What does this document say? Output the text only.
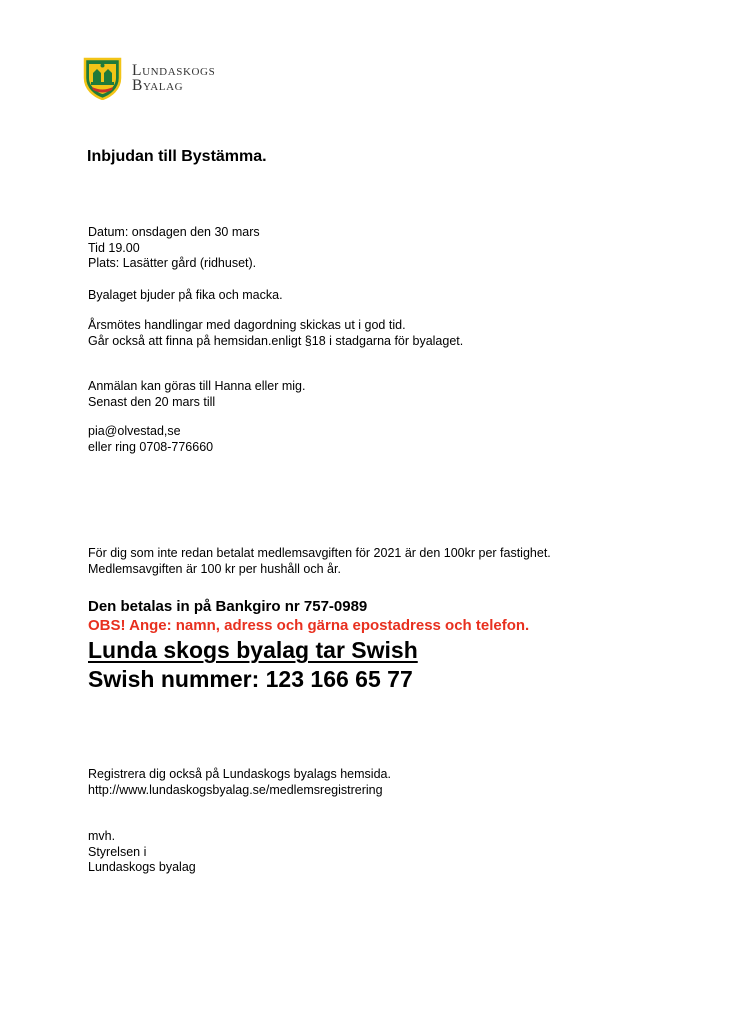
Lundaskogs
Byalag
Inbjudan till Bystämma.
Datum: onsdagen den 30 mars
Tid 19.00
Plats: Lasätter gård (ridhuset).
Byalaget bjuder på fika och macka.
Årsmötes handlingar med dagordning skickas ut i god tid.
Går också att finna på hemsidan.enligt §18 i stadgarna för byalaget.
Anmälan kan göras till Hanna eller mig.
Senast den 20 mars till
pia@olvestad,se
eller ring 0708-776660
För dig som inte redan betalat medlemsavgiften för 2021 är den 100kr per fastighet.
Medlemsavgiften är 100 kr per hushåll och år.
Den betalas in på Bankgiro nr 757-0989
OBS! Ange: namn, adress och gärna epostadress och telefon.
Lunda skogs byalag tar Swish
Swish nummer: 123 166 65 77
Registrera dig också på Lundaskogs byalags hemsida.
http://www.lundaskogsbyalag.se/medlemsregistrering
mvh.
Styrelsen i
Lundaskogs byalag
